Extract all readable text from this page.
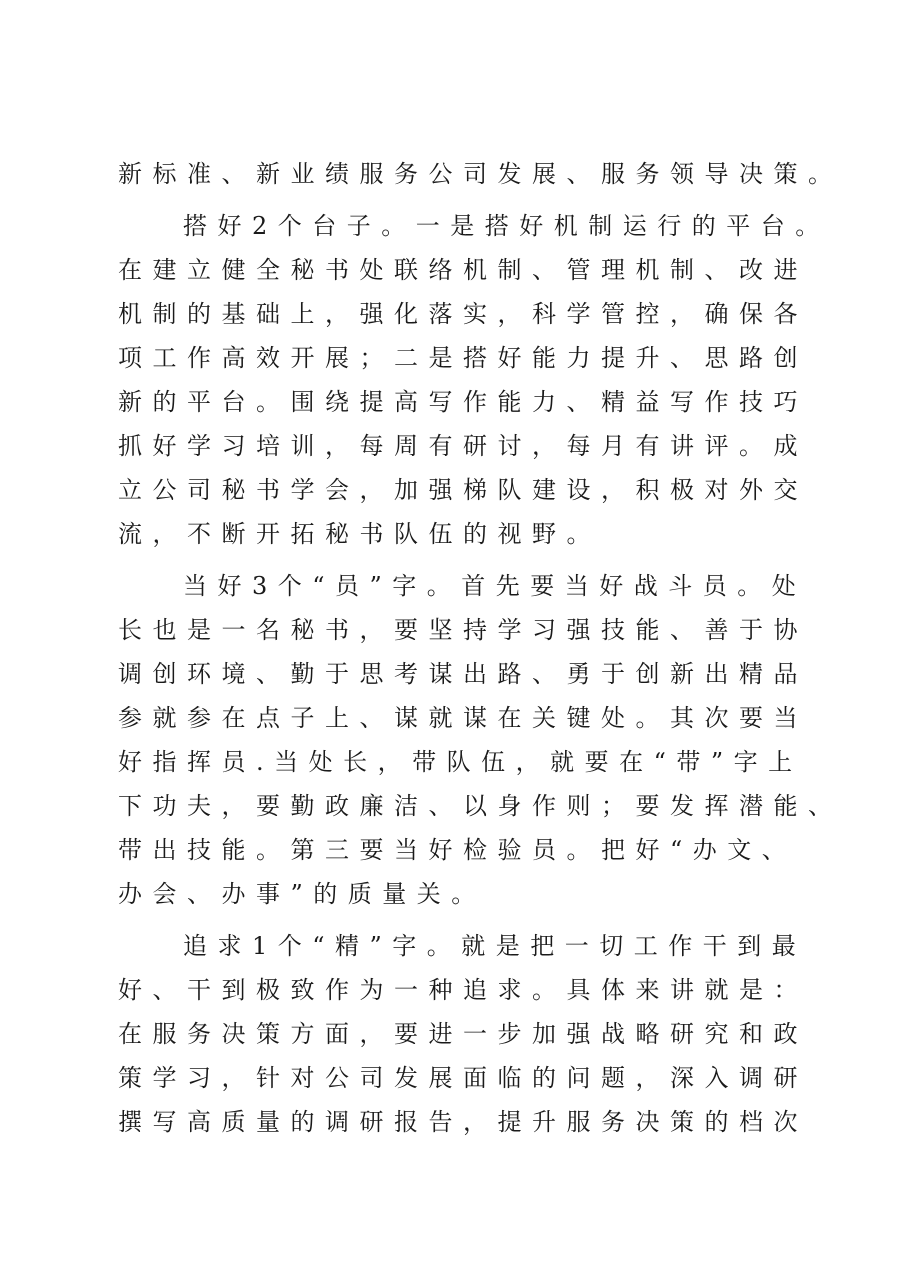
新标准、新业绩服务公司发展、服务领导决策。
搭好2个台子。一是搭好机制运行的平台。
在建立健全秘书处联络机制、管理机制、改进
机制的基础上，强化落实，科学管控，确保各
项工作高效开展；二是搭好能力提升、思路创
新的平台。围绕提高写作能力、精益写作技巧
抓好学习培训，每周有研讨，每月有讲评。成
立公司秘书学会，加强梯队建设，积极对外交
流，不断开拓秘书队伍的视野。
当好3个“员”字。首先要当好战斗员。处
长也是一名秘书，要坚持学习强技能、善于协
调创环境、勤于思考谋出路、勇于创新出精品
参就参在点子上、谋就谋在关键处。其次要当
好指挥员.当处长，带队伍，就要在“带”字上
下功夫，要勤政廉洁、以身作则；要发挥潜能、
带出技能。第三要当好检验员。把好“办文、
办会、办事”的质量关。
追求1个“精”字。就是把一切工作干到最
好、干到极致作为一种追求。具体来讲就是：
在服务决策方面，要进一步加强战略研究和政
策学习，针对公司发展面临的问题，深入调研
撰写高质量的调研报告，提升服务决策的档次
